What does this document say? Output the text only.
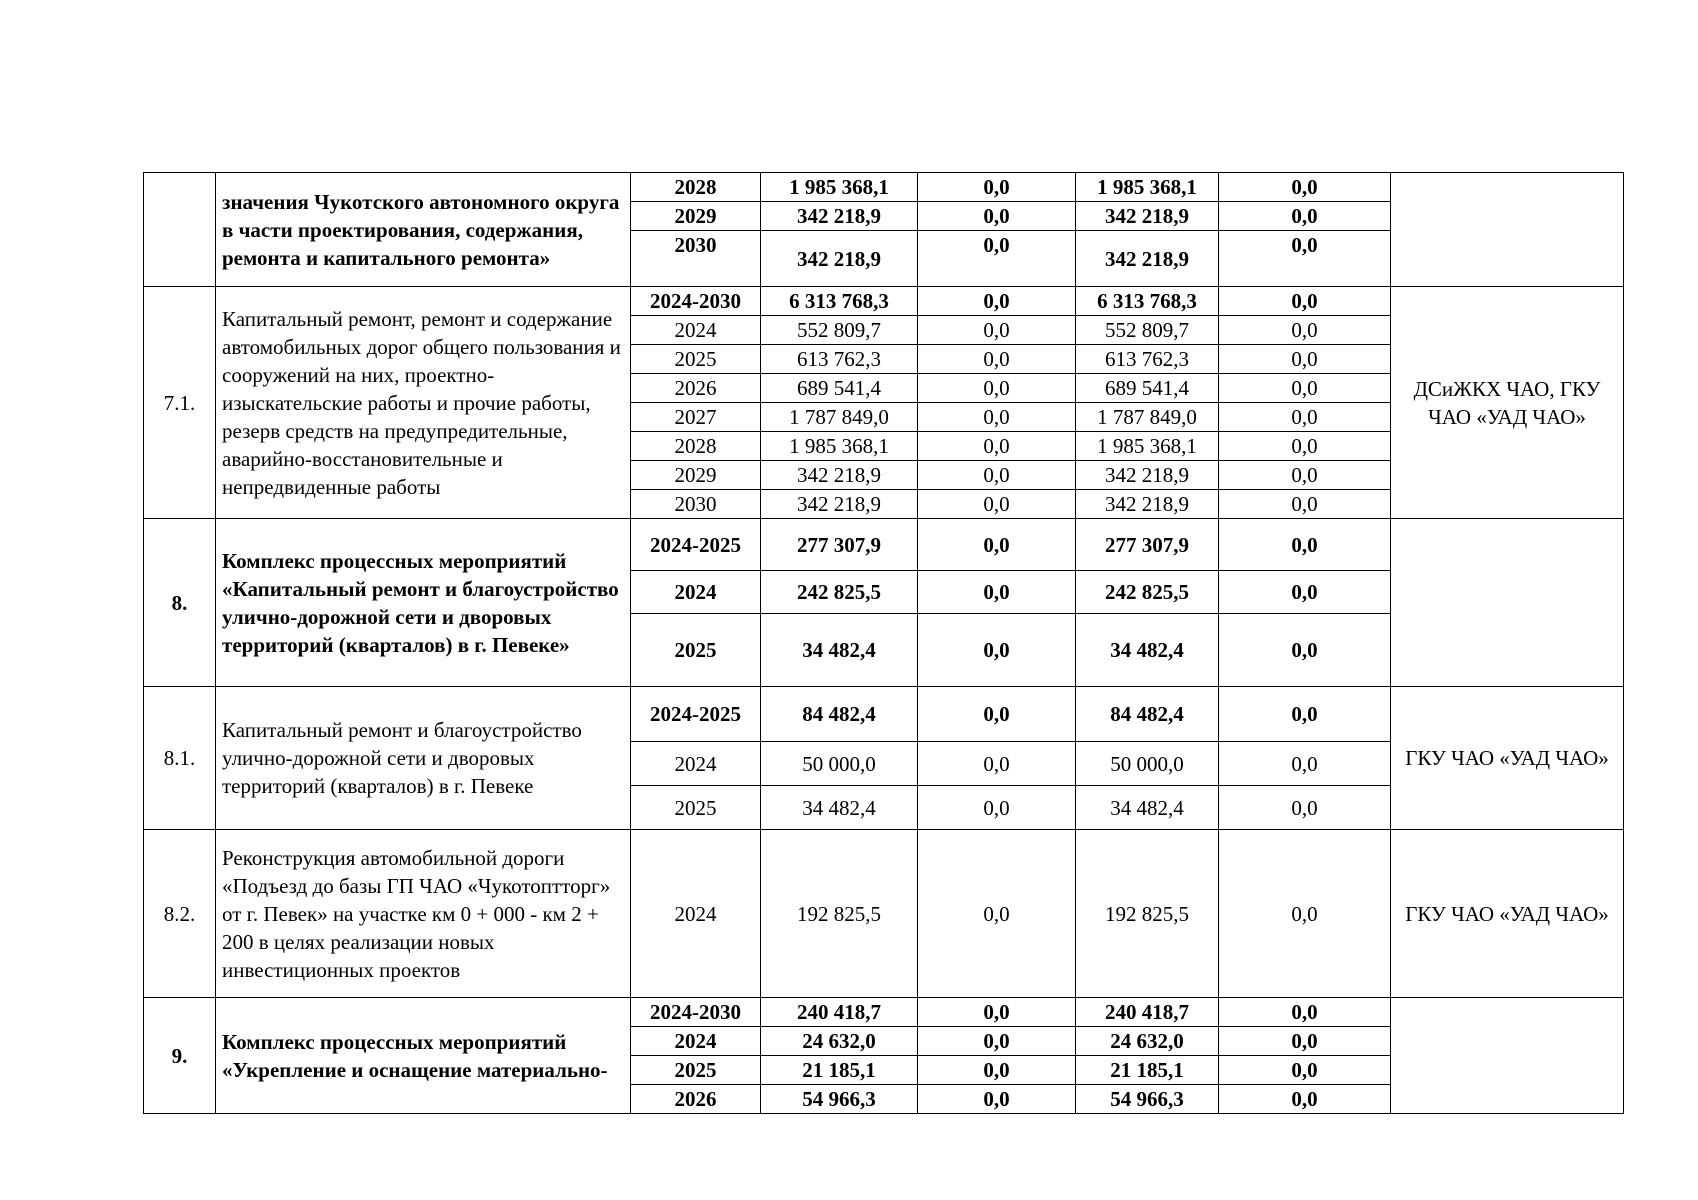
	значения Чукотского автономного округа в части проектирования, содержания, ремонта и капитального ремонта»	2028	1 985 368,1	0,0	1 985 368,1	0,0	
		2029	342 218,9	0,0	342 218,9	0,0	
		2030	342 218,9	0,0	342 218,9	0,0	
7.1.	Капитальный ремонт, ремонт и содержание автомобильных дорог общего пользования и сооружений на них, проектно-изыскательские работы и прочие работы, резерв средств на предупредительные, аварийно-восстановительные и непредвиденные работы	2024-2030	6 313 768,3	0,0	6 313 768,3	0,0	ДСиЖКХ ЧАО, ГКУ ЧАО «УАД ЧАО»
		2024	552 809,7	0,0	552 809,7	0,0	
		2025	613 762,3	0,0	613 762,3	0,0	
		2026	689 541,4	0,0	689 541,4	0,0	
		2027	1 787 849,0	0,0	1 787 849,0	0,0	
		2028	1 985 368,1	0,0	1 985 368,1	0,0	
		2029	342 218,9	0,0	342 218,9	0,0	
		2030	342 218,9	0,0	342 218,9	0,0	
8.	Комплекс процессных мероприятий «Капитальный ремонт и благоустройство улично-дорожной сети и дворовых территорий (кварталов) в г. Певеке»	2024-2025	277 307,9	0,0	277 307,9	0,0	
		2024	242 825,5	0,0	242 825,5	0,0	
		2025	34 482,4	0,0	34 482,4	0,0	
8.1.	Капитальный ремонт и благоустройство улично-дорожной сети и дворовых территорий (кварталов) в г. Певеке	2024-2025	84 482,4	0,0	84 482,4	0,0	ГКУ ЧАО «УАД ЧАО»
		2024	50 000,0	0,0	50 000,0	0,0	
		2025	34 482,4	0,0	34 482,4	0,0	
8.2.	Реконструкция автомобильной дороги «Подъезд до базы ГП ЧАО «Чукотоптторг» от г. Певек» на участке км 0 + 000 - км 2 + 200 в целях реализации новых инвестиционных проектов	2024	192 825,5	0,0	192 825,5	0,0	ГКУ ЧАО «УАД ЧАО»
9.	Комплекс процессных мероприятий «Укрепление и оснащение материально-	2024-2030	240 418,7	0,0	240 418,7	0,0	
		2024	24 632,0	0,0	24 632,0	0,0	
		2025	21 185,1	0,0	21 185,1	0,0	
		2026	54 966,3	0,0	54 966,3	0,0	
